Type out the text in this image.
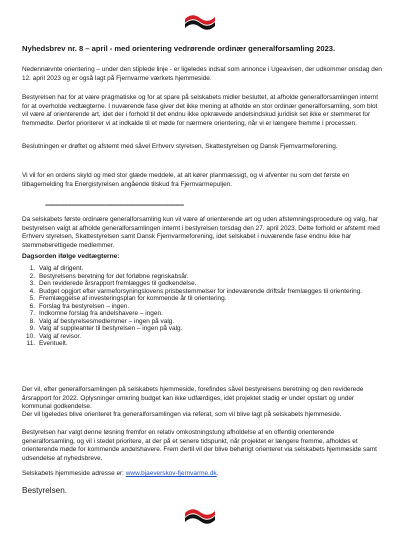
Nyhedsbrev nr. 8 – april - med orientering vedrørende ordinær generalforsamling 2023.

Nedennævnte orientering – under den stiplede linje - er ligeledes indsat som annonce i Ugeavisen, der udkommer onsdag den 12. april 2023 og er også lagt på Fjernvarme værkets hjemmeside.

Bestyrelsen har for at være pragmatiske og for at spare på selskabets midler besluttet, at afholde generalforsamlingen internt for at overholde vedtægterne. I nuværende fase giver det ikke mening at afholde en stor ordinær generalforsamling, som blot vil være af orienterende art, idet der i forhold til det endnu ikke opkrævede andelsindskud juridisk set ikke er stemmeret for fremmødte. Derfor prioriterer vi at indkalde til et møde for nærmere orientering, når vi er længere fremme i processen.

Beslutningen er drøftet og afstemt med såvel Erhverv styrelsen, Skattestyrelsen og Dansk Fjernvarmeforening.

Vi vil for en ordens skyld og med stor glæde meddele, at alt kører planmæssigt, og vi afventer nu som det første en tilbagemelding fra Energistyrelsen angående tilskud fra Fjernvarmepuljen.

--------------------------------------------------------------------------------

Da selskabets første ordinære generalforsamling kun vil være af orienterende art og uden afstemningsprocedure og valg, har bestyrelsen valgt at afholde generalforsamlingen internt i bestyrelsen torsdag den 27. april 2023. Dette forhold er afstemt med Erhverv styrelsen, Skattestyrelsen samt Dansk Fjernvarmeforening, idet selskabet i nuværende fase endnu ikke har stemmeberettigede medlemmer.

Dagsorden ifølge vedtægterne:
1. Valg af dirigent.
2. Bestyrelsens beretning for det forløbne regnskabsår.
3. Den reviderede årsrapport fremlægges til godkendelse.
4. Budget opgjort efter varmeforsyningslovens prisbestemmelser for indeværende driftsår fremlægges til orientering.
5. Fremlæggelse af investeringsplan for kommende år til orientering.
6. Forslag fra bestyrelsen – ingen.
7. Indkomne forslag fra andelshavere – ingen.
8. Valg af bestyrelsesmedlemmer – ingen på valg.
9. Valg af suppleanter til bestyrelsen – ingen på valg.
10. Valg af revisor.
11. Eventuelt.

Der vil, efter generalforsamlingen på selskabets hjemmeside, forefindes såvel bestyrelsens beretning og den reviderede årsrapport for 2022. Oplysninger omkring budget kan ikke udfærdiges, idet projektet stadig er under opstart og under kommunal godkendelse.

Der vil ligeledes blive orienteret fra generalforsamlingen via referat, som vil blive lagt på selskabets hjemmeside.

Bestyrelsen har valgt denne løsning fremfor en relativ omkostningstung afholdelse af en offentlig orienterende generalforsamling, og vil i stedet prioritere, at der på et senere tidspunkt, når projektet er længere fremme, afholdes et orienterende møde for kommende andelshavere. Frem dertil vil der blive behørigt orienteret via selskabets hjemmeside samt udsendelse af nyhedsbreve.

Selskabets hjemmeside adresse er: www.bjaeverskov-fjernvarme.dk.

Bestyrelsen.
